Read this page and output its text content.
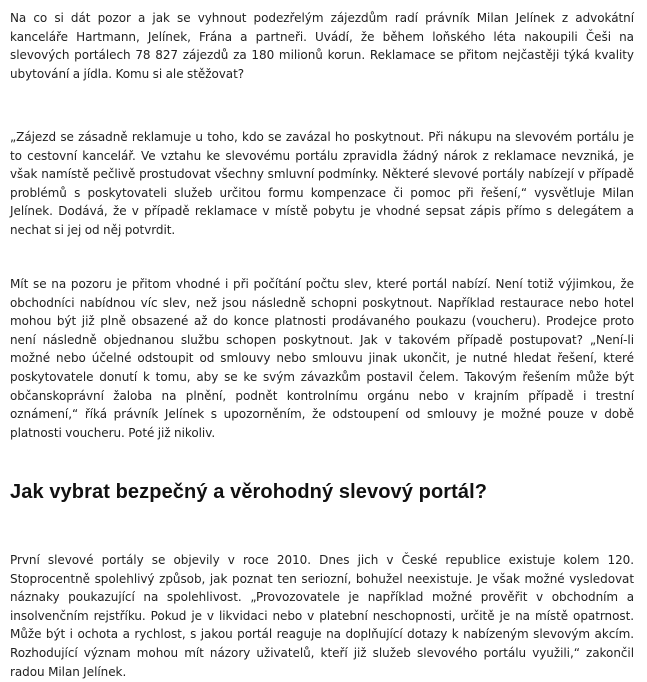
Na co si dát pozor a jak se vyhnout podezřelým zájezdům radí právník Milan Jelínek z advokátní kanceláře Hartmann, Jelínek, Frána a partneři. Uvádí, že během loňského léta nakoupili Češi na slevových portálech 78 827 zájezdů za 180 milionů korun. Reklamace se přitom nejčastěji týká kvality ubytování a jídla. Komu si ale stěžovat?

„Zájezd se zásadně reklamuje u toho, kdo se zavázal ho poskytnout. Při nákupu na slevovém portálu je to cestovní kancelář. Ve vztahu ke slevovému portálu zpravidla žádný nárok z reklamace nevzniká, je však namístě pečlivě prostudovat všechny smluvní podmínky. Některé slevové portály nabízejí v případě problémů s poskytovateli služeb určitou formu kompenzace či pomoc při řešení,“ vysvětluje Milan Jelínek. Dodává, že v případě reklamace v místě pobytu je vhodné sepsat zápis přímo s delegátem a nechat si jej od něj potvrdit.

Mít se na pozoru je přitom vhodné i při počítání počtu slev, které portál nabízí. Není totiž výjimkou, že obchodníci nabídnou víc slev, než jsou následně schopni poskytnout. Například restaurace nebo hotel mohou být již plně obsazené až do konce platnosti prodávaného poukazu (voucheru). Prodejce proto není následně objednanou službu schopen poskytnout. Jak v takovém případě postupovat? „Není-li možné nebo účelné odstoupit od smlouvy nebo smlouvu jinak ukončit, je nutné hledat řešení, které poskytovatele donutí k tomu, aby se ke svým závazkům postavil čelem. Takovým řešením může být občanskoprávní žaloba na plnění, podnět kontrolnímu orgánu nebo v krajním případě i trestní oznámení,“ říká právník Jelínek s upozorněním, že odstoupení od smlouvy je možné pouze v době platnosti voucheru. Poté již nikoliv.

Jak vybrat bezpečný a věrohodný slevový portál?

První slevové portály se objevily v roce 2010. Dnes jich v České republice existuje kolem 120. Stoprocentně spolehlivý způsob, jak poznat ten seriozní, bohužel neexistuje. Je však možné vysledovat náznaky poukazující na spolehlivost. „Provozovatele je například možné prověřit v obchodním a insolvenčním rejstříku. Pokud je v likvidaci nebo v platební neschopnosti, určitě je na místě opatrnost. Může být i ochota a rychlost, s jakou portál reaguje na doplňující dotazy k nabízeným slevovým akcím. Rozhodující význam mohou mít názory uživatelů, kteří již služeb slevového portálu využili,“ zakončil radou Milan Jelínek.
